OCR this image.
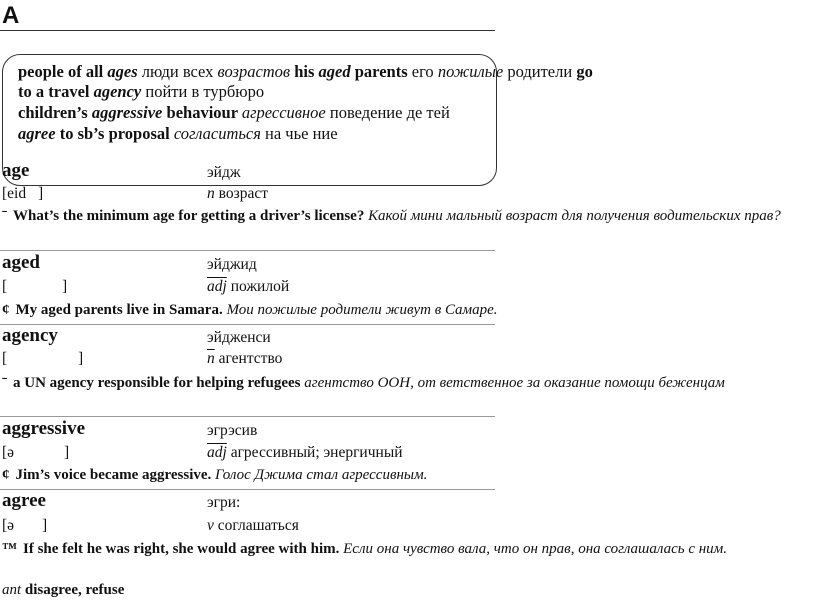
A
people of all ages люди всех возрастов his aged parents его пожилые родители go
to a travel agency пойти в турбюро
children’s aggressive behaviour агрессивное поведение де тей
agree to sb’s proposal согласиться на чье ние
age	эйдж
[eid ]	n возраст
ˉ What’s the minimum age for getting a driver’s license? Какой мини мальный возраст для получения водительских прав?
aged	эйджид
[	]	$\overline{adj}$ пожилой
¢ My aged parents live in Samara. Мои пожилые родители живут в Самаре.
agency	эйдженси
[	]	$\overline{n}$ агентство
ˉ a UN agency responsible for helping refugees агентство ООН, от ветственное за оказание помощи беженцам
aggressive	эгрэсив
[ə	]	$\overline{adj}$ агрессивный; энергичный
¢ Jim’s voice became aggressive. Голос Джима стал агрессивным.
agree	эгри:
[ə ]	v соглашаться
™ If she felt he was right, she would agree with him. Если она чувство вала, что он прав, она соглашалась с ним.
ant disagree, refuse
